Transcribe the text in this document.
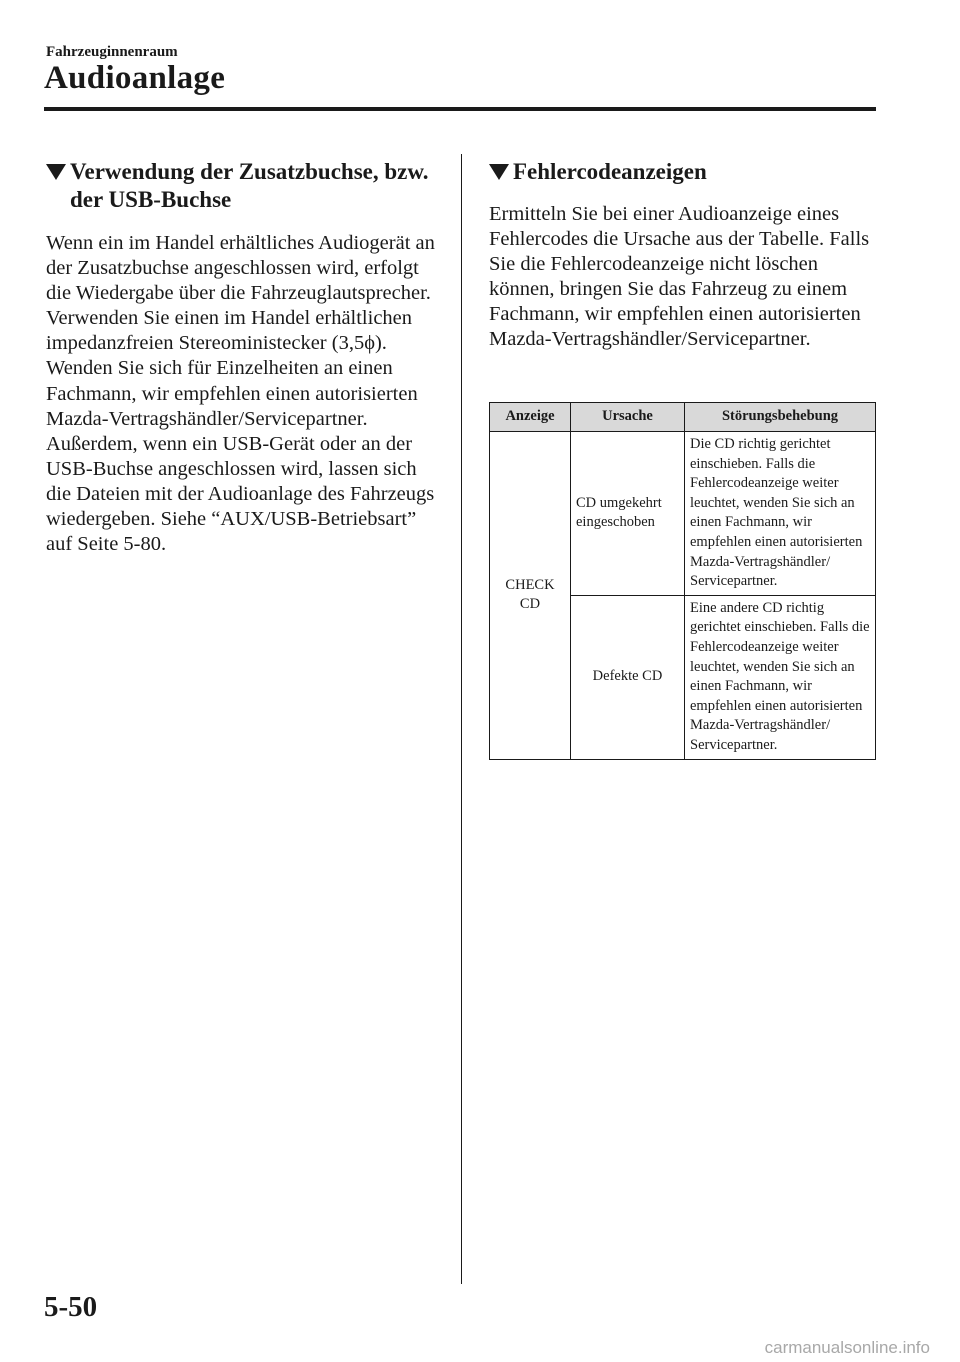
Fahrzeuginnenraum
Audioanlage
Verwendung der Zusatzbuchse, bzw. der USB-Buchse

Wenn ein im Handel erhältliches Audiogerät an der Zusatzbuchse angeschlossen wird, erfolgt die Wiedergabe über die Fahrzeuglautsprecher. Verwenden Sie einen im Handel erhältlichen impedanzfreien Stereoministecker (3,5ϕ). Wenden Sie sich für Einzelheiten an einen Fachmann, wir empfehlen einen autorisierten Mazda-Vertragshändler/Servicepartner.

Außerdem, wenn ein USB-Gerät oder an der USB-Buchse angeschlossen wird, lassen sich die Dateien mit der Audioanlage des Fahrzeugs wiedergeben. Siehe “AUX/USB-Betriebsart” auf Seite 5-80.

Fehlercodeanzeigen

Ermitteln Sie bei einer Audioanzeige eines Fehlercodes die Ursache aus der Tabelle. Falls Sie die Fehlercodeanzeige nicht löschen können, bringen Sie das Fahrzeug zu einem Fachmann, wir empfehlen einen autorisierten Mazda-Vertragshändler/Servicepartner.

Anzeige	Ursache	Störungsbehebung
CHECK CD	CD umgekehrt eingeschoben	Die CD richtig gerichtet einschieben. Falls die Fehlercodeanzeige weiter leuchtet, wenden Sie sich an einen Fachmann, wir empfehlen einen autorisierten Mazda-Vertragshändler/ Servicepartner.
	Defekte CD	Eine andere CD richtig gerichtet einschieben. Falls die Fehlercodeanzeige weiter leuchtet, wenden Sie sich an einen Fachmann, wir empfehlen einen autorisierten Mazda-Vertragshändler/ Servicepartner.
5-50
carmanualsonline.info
